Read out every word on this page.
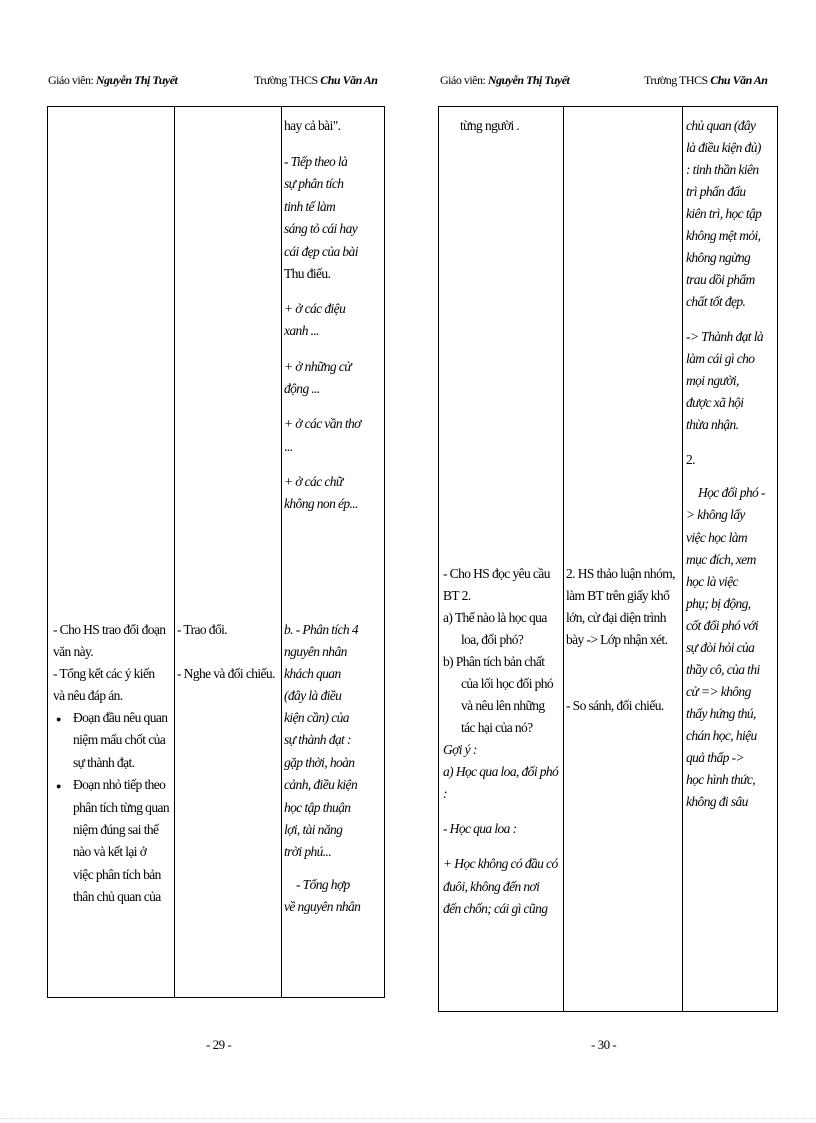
Giáo viên: Nguyễn Thị Tuyết	Trường THCS Chu Văn An
- Cho HS trao đổi đoạn
văn này.
- Tổng kết các ý kiến
và nêu đáp án.
● Đoạn đầu nêu quan
niệm mấu chốt của
sự thành đạt.
● Đoạn nhỏ tiếp theo
phân tích từng quan
niệm đúng sai thế
nào và kết lại ở
việc phân tích bản
thân chủ quan của
- Trao đổi.
- Nghe và đối chiếu.
hay cả bài".
- Tiếp theo là
sự phân tích
tinh tế làm
sáng tỏ cái hay
cái đẹp của bài
Thu điếu.
+ ở các điệu
xanh ...
+ ở những cử
động ...
+ ở các vần thơ
...
+ ở các chữ
không non ép...
b. - Phân tích 4
nguyên nhân
khách quan
(đây là điều
kiện cần) của
sự thành đạt :
gặp thời, hoàn
cảnh, điều kiện
học tập thuận
lợi, tài năng
trời phú...
- Tổng hợp
về nguyên nhân
- 29 -
Giáo viên: Nguyễn Thị Tuyết	Trường THCS Chu Văn An
từng người .
- Cho HS đọc yêu cầu
BT 2.
a) Thế nào là học qua
loa, đối phó?
b) Phân tích bản chất
của lối học đối phó
và nêu lên những
tác hại của nó?
Gợi ý :
a) Học qua loa, đối phó
:
- Học qua loa :
+ Học không có đầu có
đuôi, không đến nơi
đến chốn; cái gì cũng
2. HS thảo luận nhóm,
làm BT trên giấy khổ
lớn, cử đại diện trình
bày -> Lớp nhận xét.
- So sánh, đối chiếu.
chủ quan (đây
là điều kiện đủ)
: tinh thần kiên
trì phấn đấu
kiên trì, học tập
không mệt mỏi,
không ngừng
trau dồi phẩm
chất tốt đẹp.
-> Thành đạt là
làm cái gì cho
mọi người,
được xã hội
thừa nhận.
2.
Học đối phó -
> không lấy
việc học làm
mục đích, xem
học là việc
phụ; bị động,
cốt đối phó với
sự đòi hỏi của
thầy cô, của thi
cử => không
thấy hứng thú,
chán học, hiệu
quả thấp ->
học hình thức,
không đi sâu
- 30 -
